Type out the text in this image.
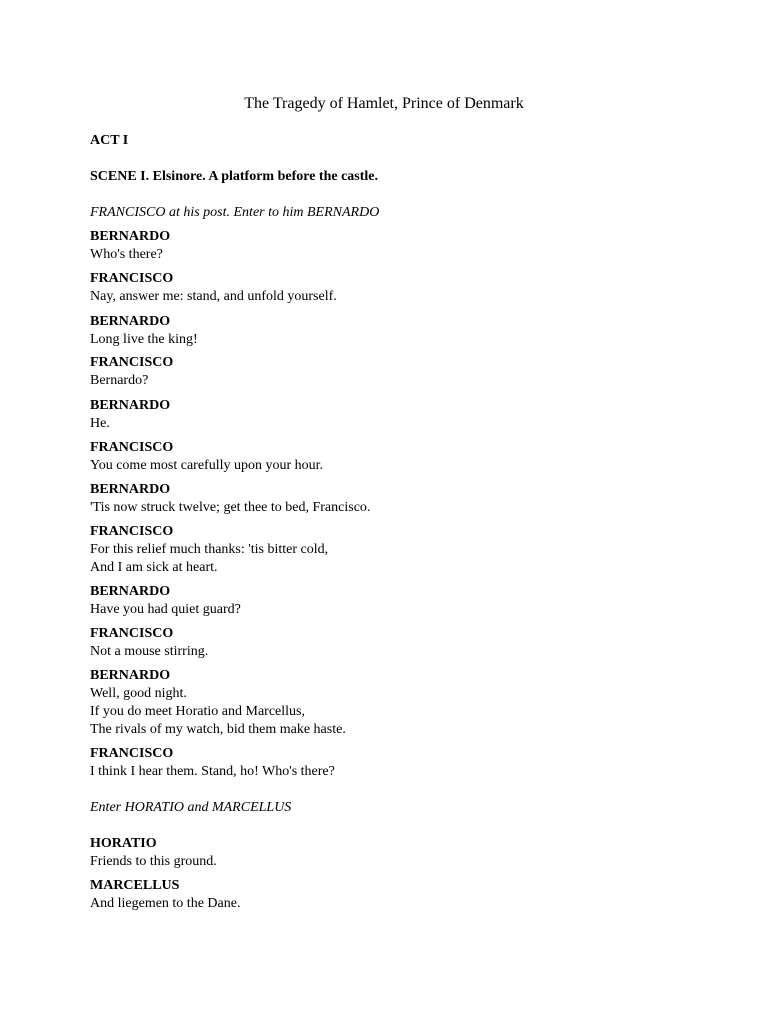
The Tragedy of Hamlet, Prince of Denmark
ACT I
SCENE I. Elsinore. A platform before the castle.
FRANCISCO at his post. Enter to him BERNARDO
BERNARDO
Who's there?
FRANCISCO
Nay, answer me: stand, and unfold yourself.
BERNARDO
Long live the king!
FRANCISCO
Bernardo?
BERNARDO
He.
FRANCISCO
You come most carefully upon your hour.
BERNARDO
'Tis now struck twelve; get thee to bed, Francisco.
FRANCISCO
For this relief much thanks: 'tis bitter cold,
And I am sick at heart.
BERNARDO
Have you had quiet guard?
FRANCISCO
Not a mouse stirring.
BERNARDO
Well, good night.
If you do meet Horatio and Marcellus,
The rivals of my watch, bid them make haste.
FRANCISCO
I think I hear them. Stand, ho! Who's there?
Enter HORATIO and MARCELLUS
HORATIO
Friends to this ground.
MARCELLUS
And liegemen to the Dane.
